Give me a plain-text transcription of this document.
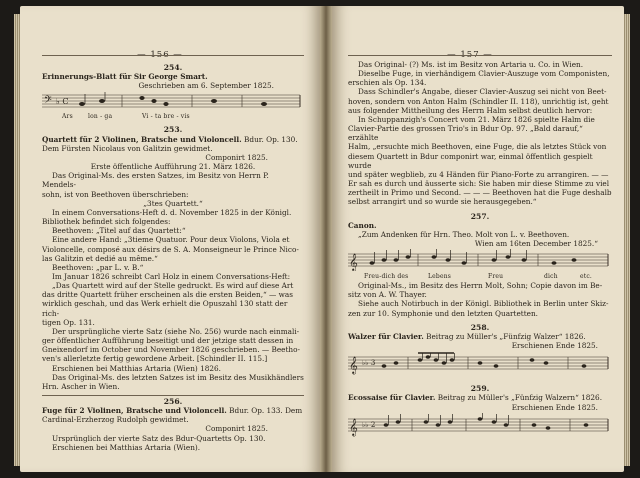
— 156 —

254.

Erinnerungs-Blatt für Sir George Smart.

Geschrieben am 6. September 1825.

𝄢 ♭ C
Ars	lon - ga	Vi - ta bre - vis

253.

Quartett für 2 Violinen, Bratsche und Violoncell. Bdur. Op. 130.

Dem Fürsten Nicolaus von Galitzin gewidmet.

Componirt 1825.

Erste öffentliche Aufführung 21. März 1826.

Das Original-Ms. des ersten Satzes, im Besitz von Herrn P. Mendels-

sohn, ist von Beethoven überschrieben:

„3tes Quartett.“

In einem Conversations-Heft d. d. November 1825 in der Königl.

Bibliothek befindet sich folgendes:

Beethoven: „Titel auf das Quartett:“

Eine andere Hand: „3tieme Quatuor. Pour deux Violons, Viola et

Violoncelle, composé aux désirs de S. A. Monseigneur le Prince Nico-

las Galitzin et dedié au même.“

Beethoven: „par L. v. B.“

Im Januar 1826 schreibt Carl Holz in einem Conversations-Heft:

„Das Quartett wird auf der Stelle gedruckt. Es wird auf diese Art

das dritte Quartett früher erscheinen als die ersten Beiden,“ — was

wirklich geschah, und das Werk erhielt die Opuszahl 130 statt der rich-

tigen Op. 131.

Der ursprüngliche vierte Satz (siehe No. 256) wurde nach einmali-

ger öffentlicher Aufführung beseitigt und der jetzige statt dessen in

Gneixendorf im October und November 1826 geschrieben. — Beetho-

ven's allerletzte fertig gewordene Arbeit. [Schindler II. 115.]

Erschienen bei Matthias Artaria (Wien) 1826.

Das Original-Ms. des letzten Satzes ist im Besitz des Musikhändlers

Hrn. Ascher in Wien.

256.

Fuge für 2 Violinen, Bratsche und Violoncell. Bdur. Op. 133. Dem

Cardinal-Erzherzog Rudolph gewidmet.

Componirt 1825.

Ursprünglich der vierte Satz des Bdur-Quartetts Op. 130.

Erschienen bei Matthias Artaria (Wien).

— 157 —

Das Original- (?) Ms. ist im Besitz von Artaria u. Co. in Wien.

Dieselbe Fuge, in vierhändigem Clavier-Auszuge vom Componisten,

erschien als Op. 134.

Dass Schindler's Angabe, dieser Clavier-Auszug sei nicht von Beet-

hoven, sondern von Anton Halm (Schindler II. 118), unrichtig ist, geht

aus folgender Mittheilung des Herrn Halm selbst deutlich hervor:

In Schuppanzigh's Concert vom 21. März 1826 spielte Halm die

Clavier-Partie des grossen Trio's in Bdur Op. 97. „Bald darauf,“ erzählte

Halm, „ersuchte mich Beethoven, eine Fuge, die als letztes Stück von

diesem Quartett in Bdur componirt war, einmal öffentlich gespielt wurde

und später wegblieb, zu 4 Händen für Piano-Forte zu arrangiren. — —

Er sah es durch und äusserte sich: Sie haben mir diese Stimme zu viel

zertheilt in Primo und Second. — — — Beethoven hat die Fuge deshalb

selbst arrangirt und so wurde sie herausgegeben.“

257.

Canon.

„Zum Andenken für Hrn. Theo. Molt von L. v. Beethoven.

Wien am 16ten December 1825.“

𝄞
Freu-dich des	Lebens	Freu	dich	etc.

Original-Ms., im Besitz des Herrn Molt, Sohn; Copie davon im Be-

sitz von A. W. Thayer.

Siehe auch Notirbuch in der Königl. Bibliothek in Berlin unter Skiz-

zen zur 10. Symphonie und den letzten Quartetten.

258.

Walzer für Clavier. Beitrag zu Müller's „Fünfzig Walzer“ 1826.

Erschienen Ende 1825.

𝄞 ♭♭ 3

259.

Ecossaise für Clavier. Beitrag zu Müller's „Fünfzig Walzern“ 1826.

Erschienen Ende 1825.

𝄞 ♭♭ 2
